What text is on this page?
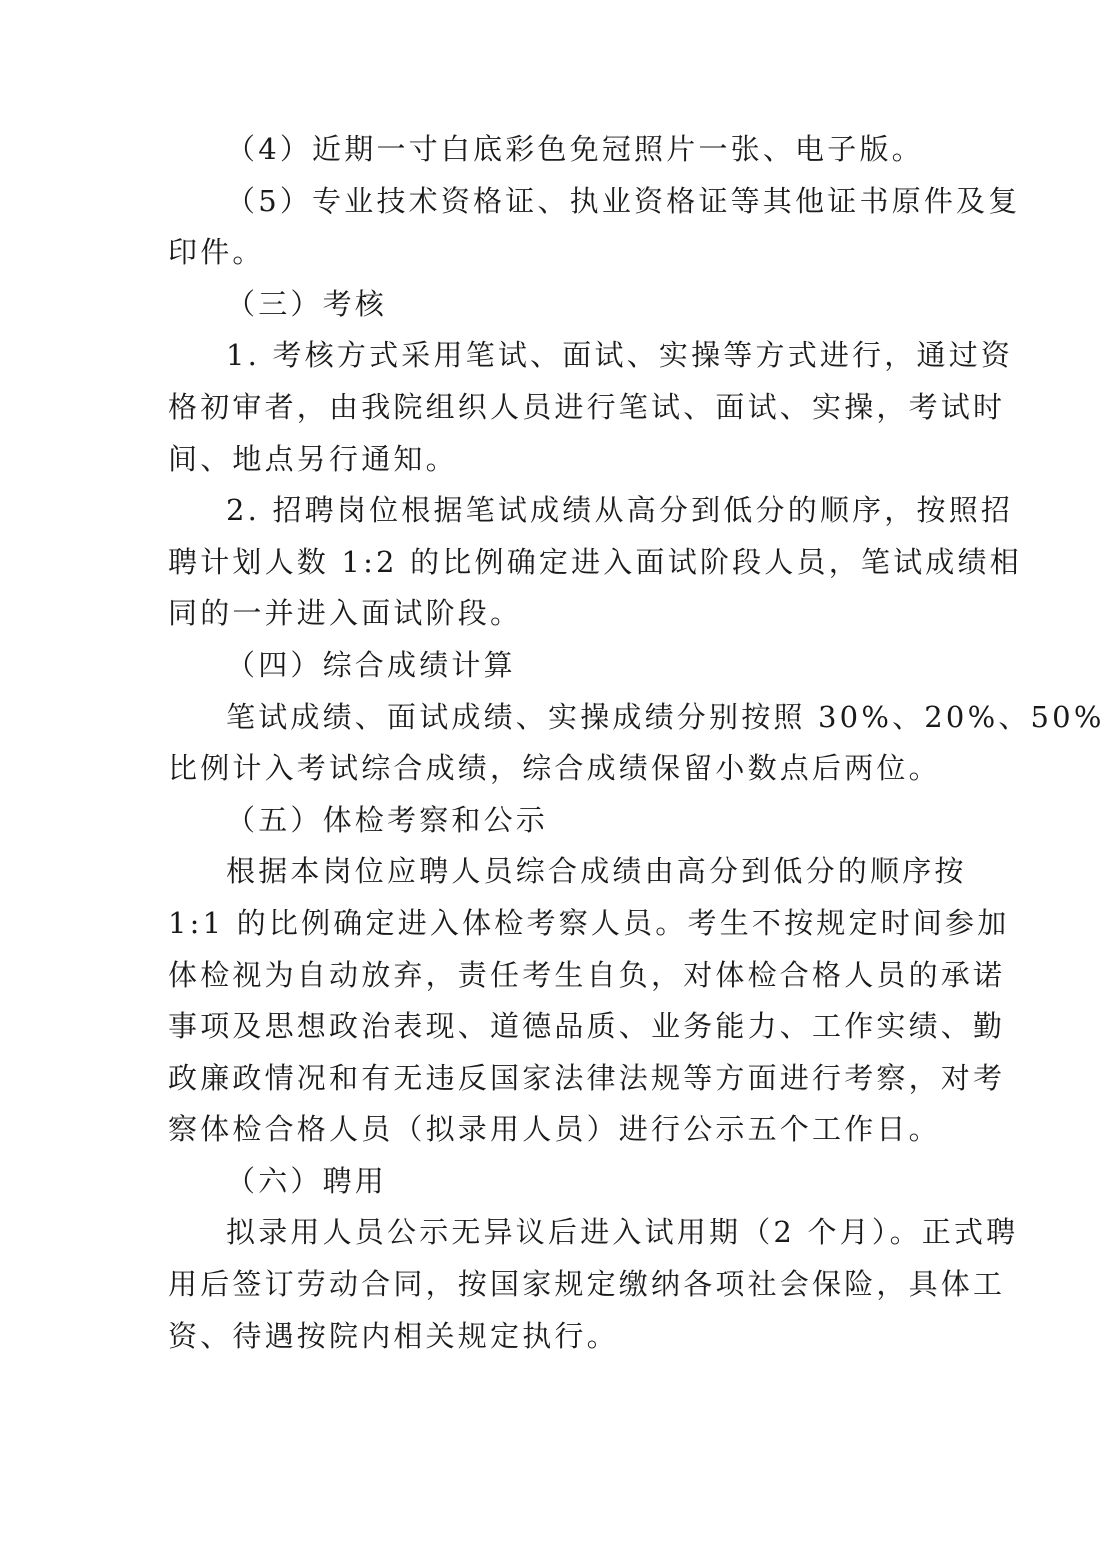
（4）近期一寸白底彩色免冠照片一张、电子版。
（5）专业技术资格证、执业资格证等其他证书原件及复
印件。
（三）考核
1. 考核方式采用笔试、面试、实操等方式进行，通过资
格初审者，由我院组织人员进行笔试、面试、实操，考试时
间、地点另行通知。
2. 招聘岗位根据笔试成绩从高分到低分的顺序，按照招
聘计划人数 1:2 的比例确定进入面试阶段人员，笔试成绩相
同的一并进入面试阶段。
（四）综合成绩计算
笔试成绩、面试成绩、实操成绩分别按照 30%、20%、50%
比例计入考试综合成绩，综合成绩保留小数点后两位。
（五）体检考察和公示
根据本岗位应聘人员综合成绩由高分到低分的顺序按
1:1 的比例确定进入体检考察人员。考生不按规定时间参加
体检视为自动放弃，责任考生自负，对体检合格人员的承诺
事项及思想政治表现、道德品质、业务能力、工作实绩、勤
政廉政情况和有无违反国家法律法规等方面进行考察，对考
察体检合格人员（拟录用人员）进行公示五个工作日。
（六）聘用
拟录用人员公示无异议后进入试用期（2 个月）。正式聘
用后签订劳动合同，按国家规定缴纳各项社会保险，具体工
资、待遇按院内相关规定执行。
